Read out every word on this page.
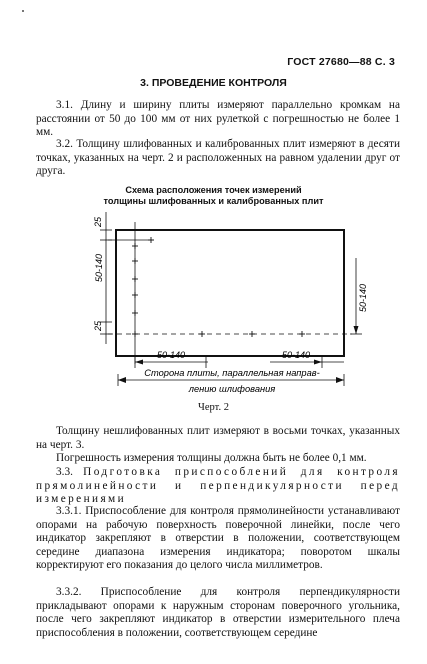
ГОСТ 27680—88 С. 3
3. ПРОВЕДЕНИЕ КОНТРОЛЯ
3.1. Длину и ширину плиты измеряют параллельно кромкам на расстоянии от 50 до 100 мм от них рулеткой с погрешностью не более 1 мм.
3.2. Толщину шлифованных и калиброванных плит измеряют в десяти точках, указанных на черт. 2 и расположенных на равном удалении друг от друга.
Схема расположения точек измерений
толщины шлифованных и калиброванных плит
25
50-140
25
50-140
50-140	50-140
Сторона плиты, параллельная направ-
лению шлифования
Черт. 2
Толщину нешлифованных плит измеряют в восьми точках, указанных на черт. 3.
Погрешность измерения толщины должна быть не более 0,1 мм.
3.3. Подготовка приспособлений для контроля прямолинейности и перпендикулярности перед измерениями
3.3.1. Приспособление для контроля прямолинейности устанавливают опорами на рабочую поверхность поверочной линейки, после чего индикатор закрепляют в отверстии в положении, соответствующем середине диапазона измерения индикатора; поворотом шкалы корректируют его показания до целого числа миллиметров.
3.3.2. Приспособление для контроля перпендикулярности прикладывают опорами к наружным сторонам поверочного угольника, после чего закрепляют индикатор в отверстии измерительного плеча приспособления в положении, соответствующем середине
